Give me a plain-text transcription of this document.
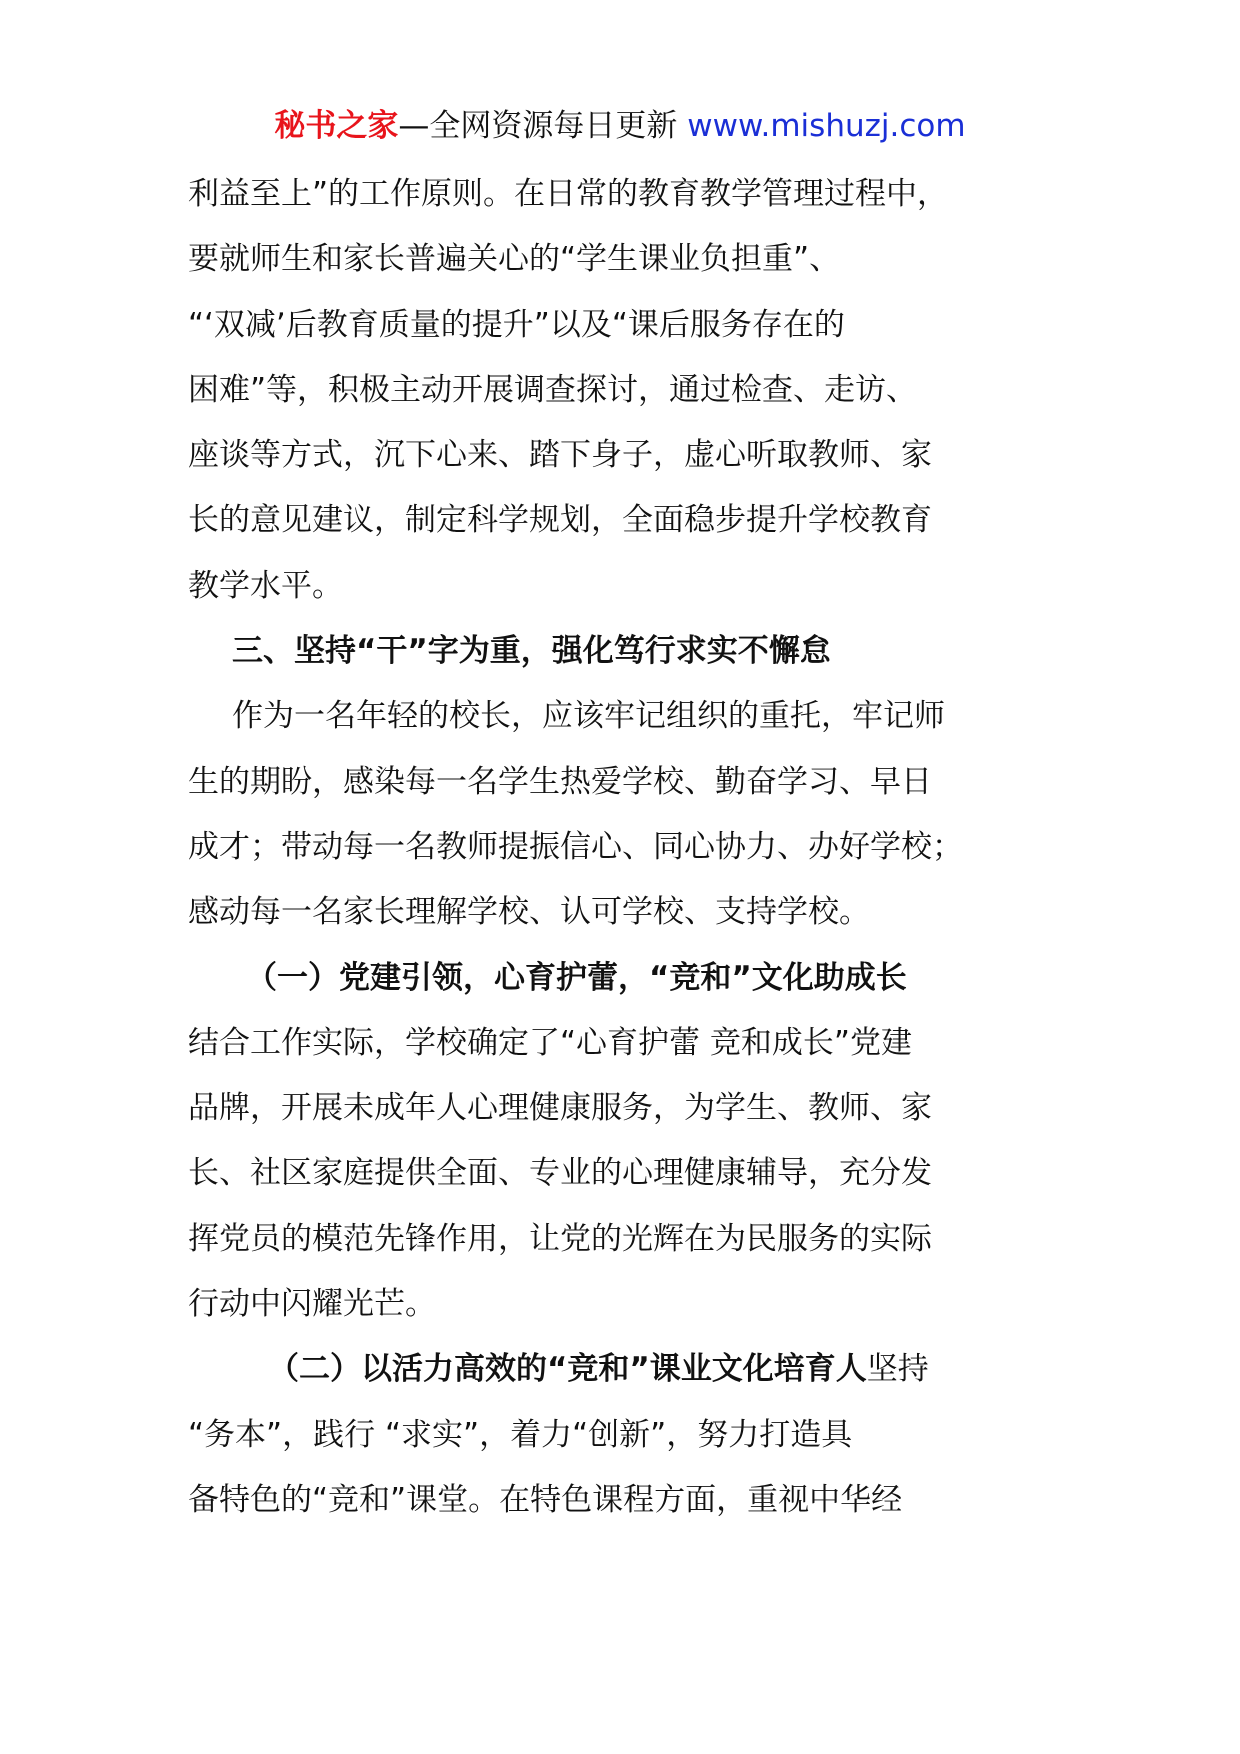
秘书之家—全网资源每日更新 www.mishuzj.com
利益至上”的工作原则。在日常的教育教学管理过程中，
要就师生和家长普遍关心的“学生课业负担重”、
“‘双减’后教育质量的提升”以及“课后服务存在的
困难”等，积极主动开展调查探讨，通过检查、走访、
座谈等方式，沉下心来、踏下身子，虚心听取教师、家
长的意见建议，制定科学规划，全面稳步提升学校教育
教学水平。
三、坚持“干”字为重，强化笃行求实不懈怠
作为一名年轻的校长，应该牢记组织的重托，牢记师
生的期盼，感染每一名学生热爱学校、勤奋学习、早日
成才；带动每一名教师提振信心、同心协力、办好学校；
感动每一名家长理解学校、认可学校、支持学校。
（一）党建引领，心育护蕾，“竞和”文化助成长
结合工作实际，学校确定了“心育护蕾 竞和成长”党建
品牌，开展未成年人心理健康服务，为学生、教师、家
长、社区家庭提供全面、专业的心理健康辅导，充分发
挥党员的模范先锋作用，让党的光辉在为民服务的实际
行动中闪耀光芒。
（二）以活力高效的“竞和”课业文化培育人坚持
“务本”，践行 “求实”，着力“创新”，努力打造具
备特色的“竞和”课堂。在特色课程方面，重视中华经
